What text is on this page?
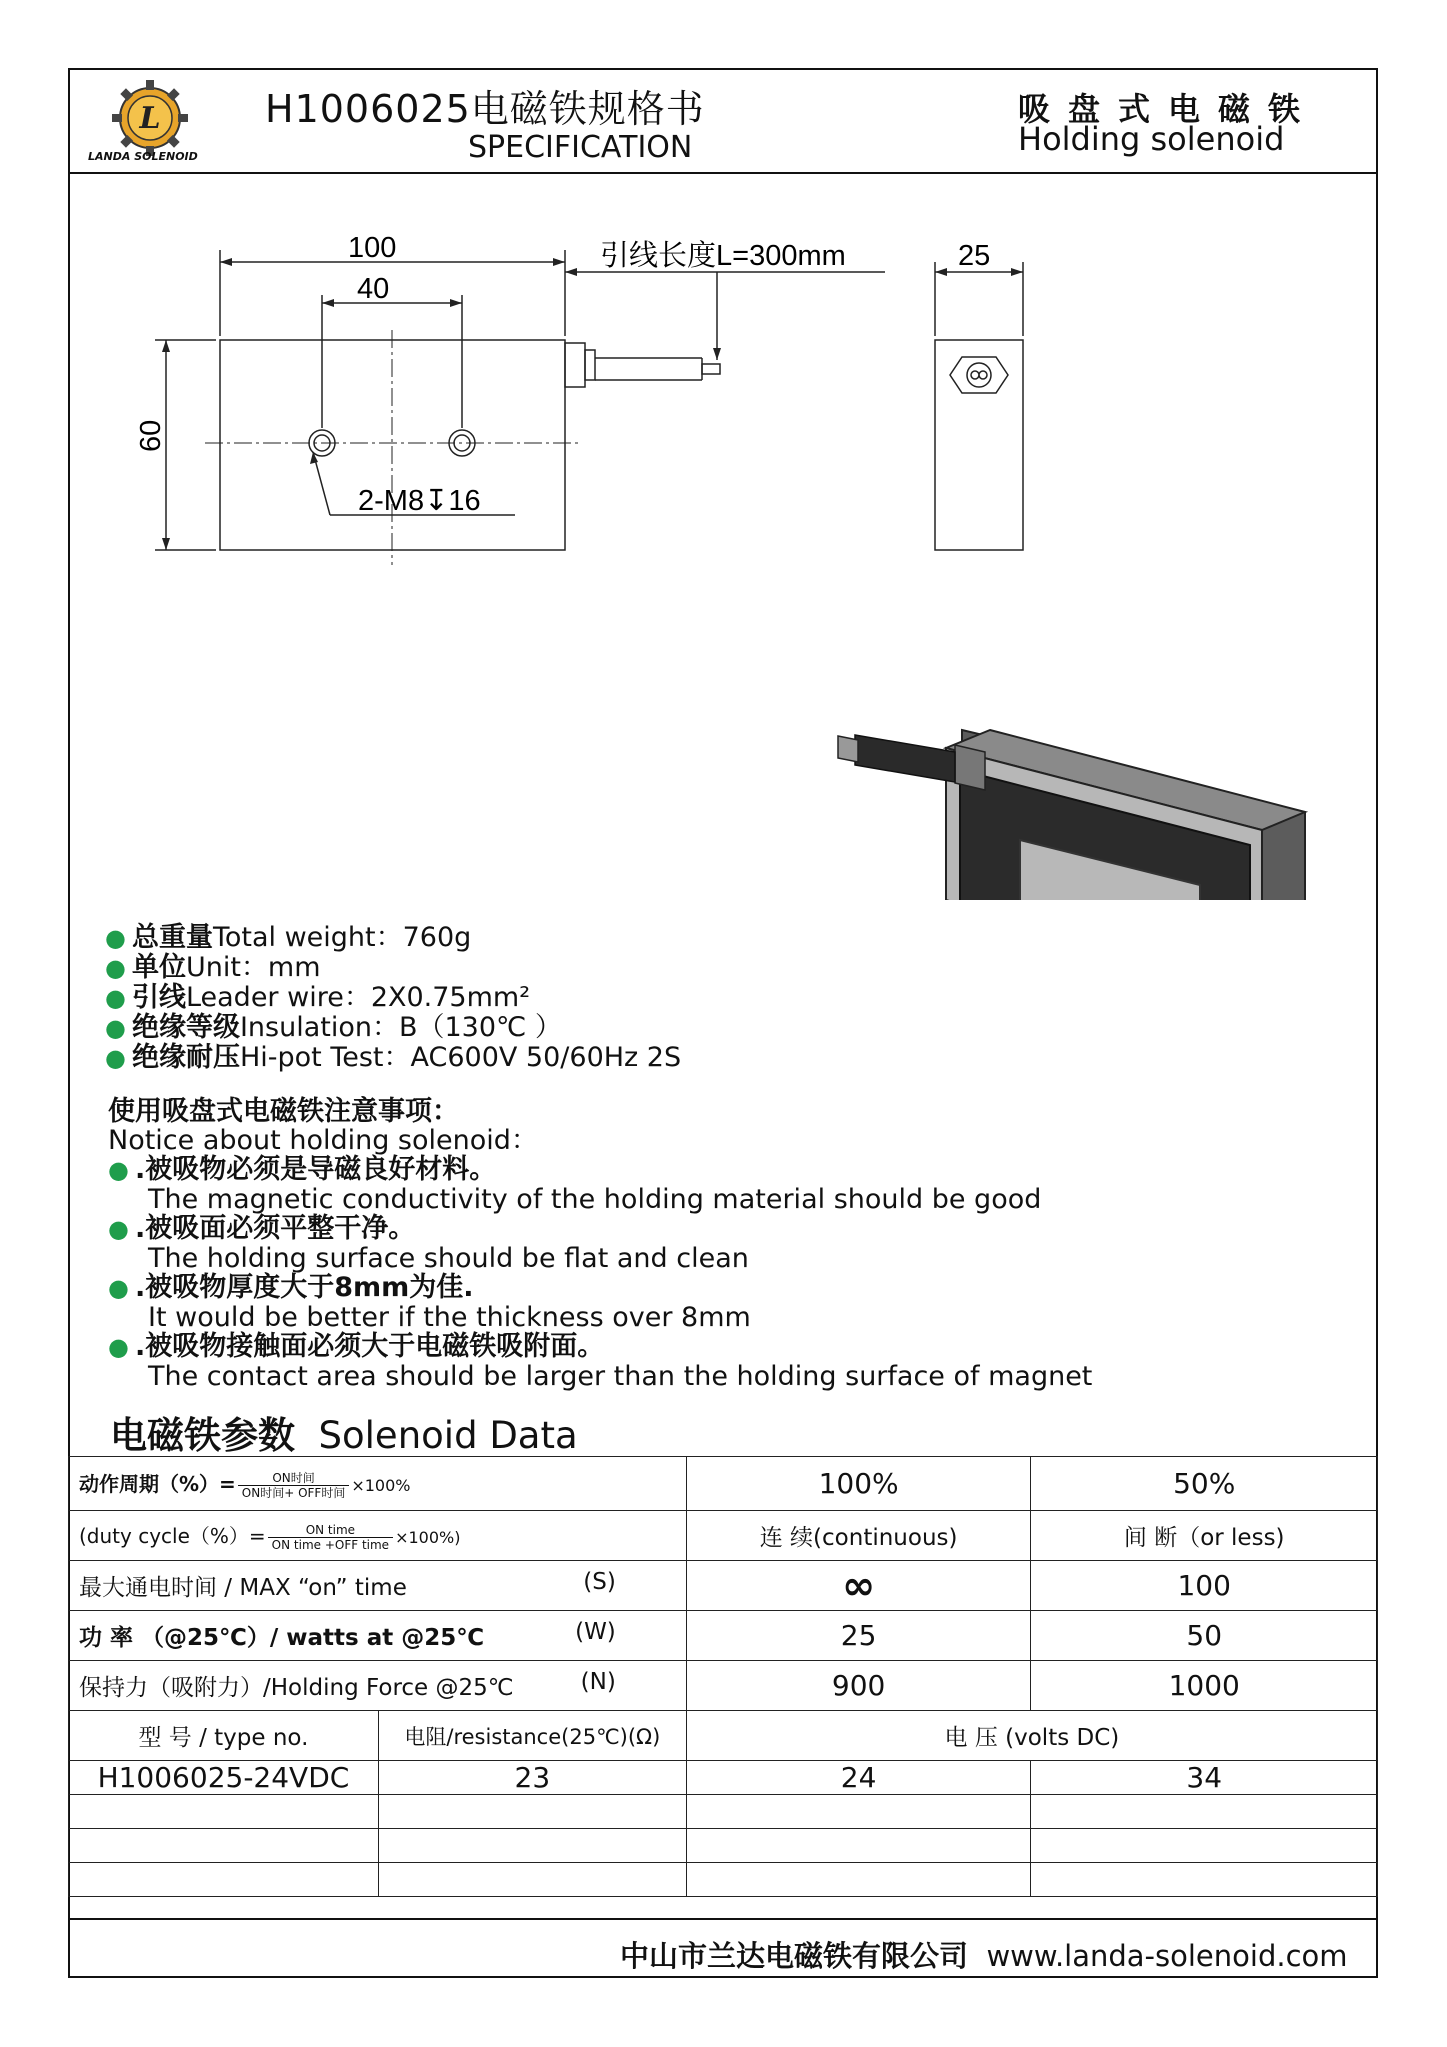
L
LANDA SOLENOID
H1006025电磁铁规格书
SPECIFICATION
吸盘式电磁铁
Holding solenoid
100
40
60
引线长度L=300mm	25
2-M8↧16
● 总重量Total weight：760g
● 单位Unit：mm
● 引线Leader wire：2X0.75mm²
● 绝缘等级Insulation：B（130℃ ）
● 绝缘耐压Hi-pot Test：AC600V 50/60Hz 2S
使用吸盘式电磁铁注意事项：
Notice about holding solenoid：
● .被吸物必须是导磁良好材料。
The magnetic conductivity of the holding material should be good
● .被吸面必须平整干净。
The holding surface should be flat and clean
● .被吸物厚度大于8mm为佳.
It would be better if the thickness over 8mm
● .被吸物接触面必须大于电磁铁吸附面。
The contact area should be larger than the holding surface of magnet
电磁铁参数 Solenoid Data
动作周期（%）= $\frac{\text{ON时间}}{\text{ON时间+ OFF时间}} \times 100\%$		100%	50%
(duty cycle（%）= $\frac{\text{ON time}}{\text{ON time +OFF time}} \times 100\%$)		连 续(continuous)	间 断（or less)
最大通电时间 / MAX “on” time (S)		∞	100
功 率 （@25℃）/ watts at @25℃ (W)		25	50
保持力（吸附力）/Holding Force @25℃ (N)		900	1000
型 号 / type no.	电阻/resistance(25℃)(Ω)	电 压 (volts DC)	
H1006025-24VDC	23	24	34

中山市兰达电磁铁有限公司 www.landa-solenoid.com
